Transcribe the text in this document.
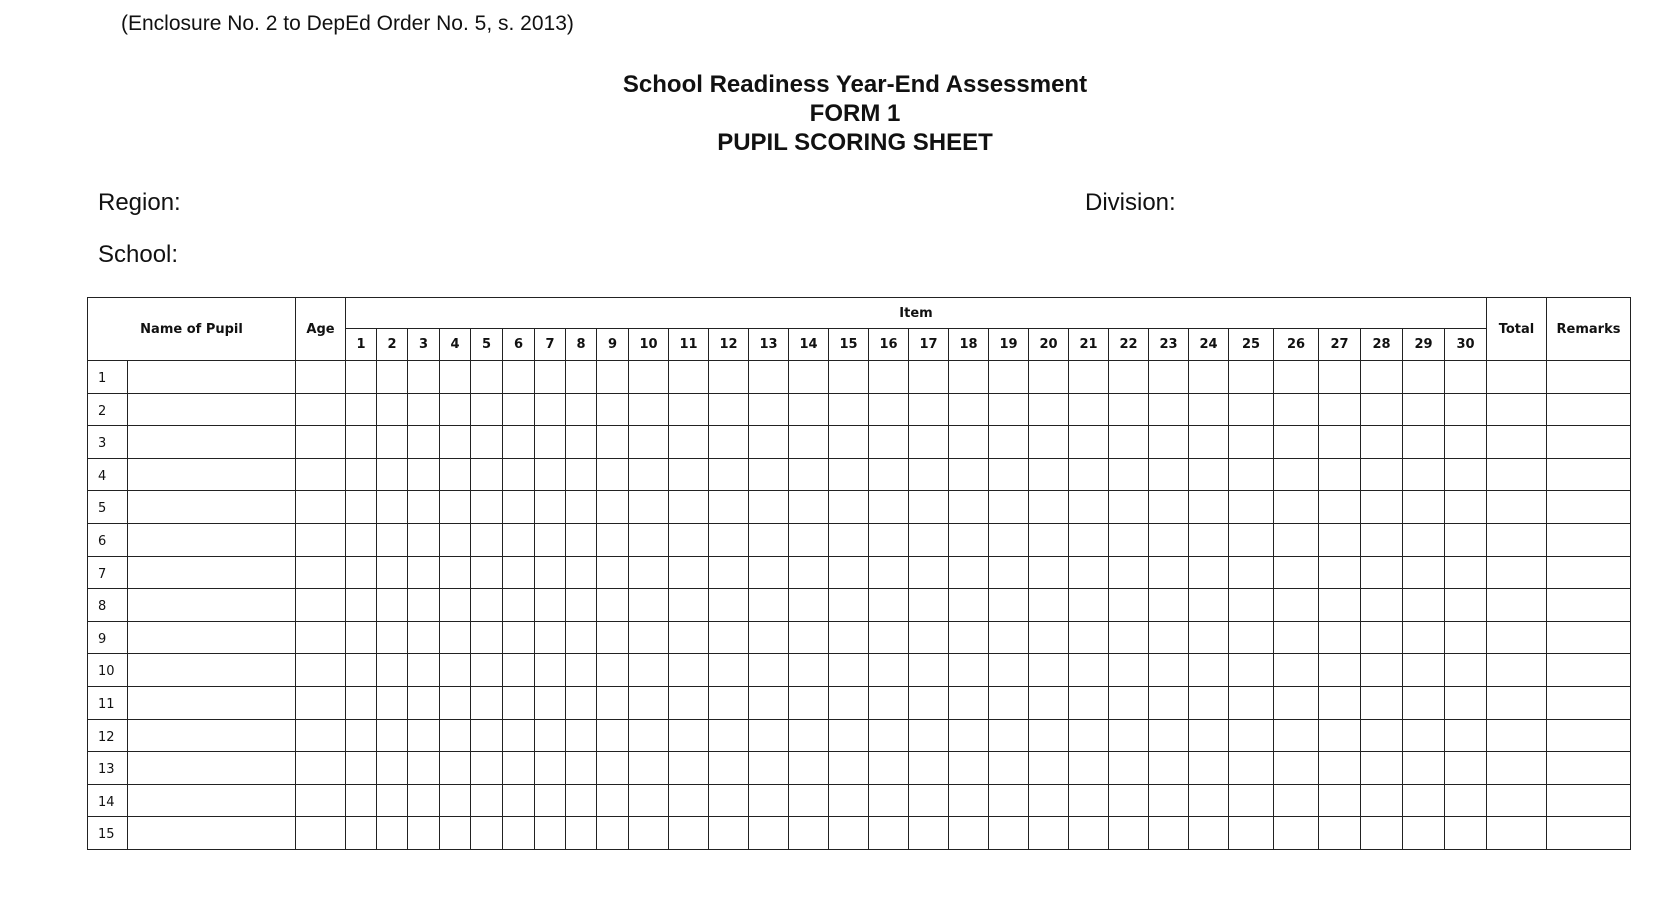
(Enclosure No. 2 to DepEd Order No. 5, s. 2013)
School Readiness Year-End Assessment
FORM 1
PUPIL SCORING SHEET
Region:	Division:
School:
Name of Pupil		Age	Item																														Total	Remarks
			1	2	3	4	5	6	7	8	9	10	11	12	13	14	15	16	17	18	19	20	21	22	23	24	25	26	27	28	29	30		
1																																		
2																																		
3																																		
4																																		
5																																		
6																																		
7																																		
8																																		
9																																		
10																																		
11																																		
12																																		
13																																		
14																																		
15																																		
